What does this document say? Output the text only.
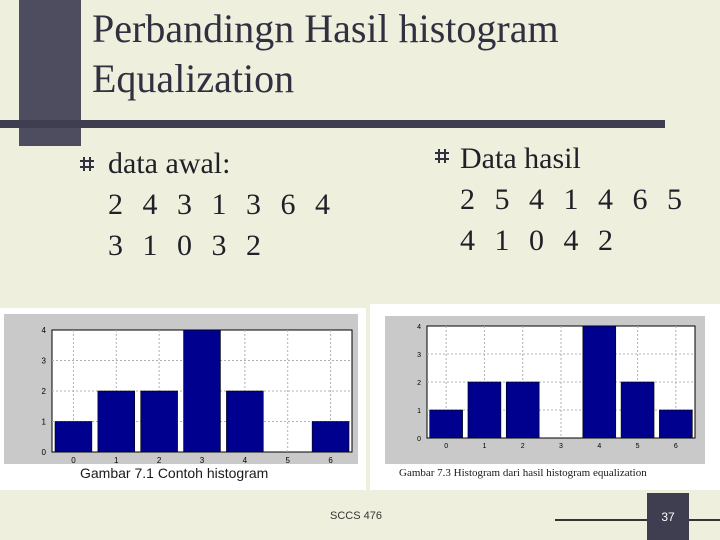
Perbandingn Hasil histogram
Equalization
data awal:
2 4 3 1 3 6 4
3 1 0 3 2
Data hasil
2 5 4 1 4 6 5
4 1 0 4 2
0
1
2
3
4
0	1	2	3	4	5	6
Gambar 7.1 Contoh histogram
0
1
2
3
4
0	1	2	3	4	5	6
Gambar 7.3 Histogram dari hasil histogram equalization
SCCS 476	37
